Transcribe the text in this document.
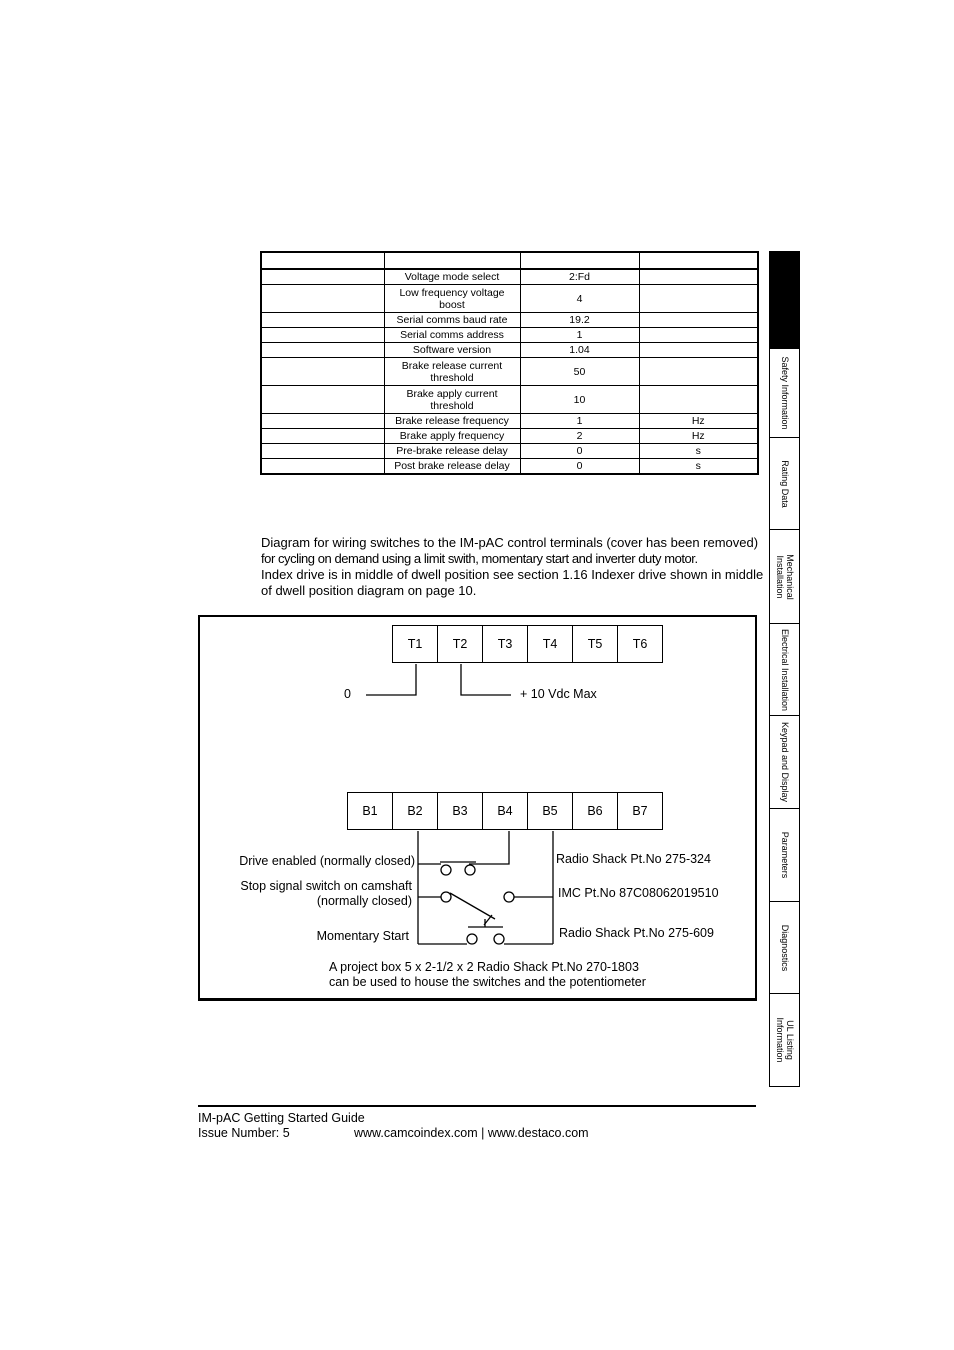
	Voltage mode select	2:Fd	
	Low frequency voltage boost	4	
	Serial comms baud rate	19.2	
	Serial comms address	1	
	Software version	1.04	
	Brake release current threshold	50	
	Brake apply current threshold	10	
	Brake release frequency	1	Hz
	Brake apply frequency	2	Hz
	Pre-brake release delay	0	s
	Post brake release delay	0	s
Diagram for wiring switches to the IM-pAC control terminals (cover has been removed)
for cycling on demand using a limit swith, momentary start and inverter duty motor.
Index drive is in middle of dwell position see section 1.16 Indexer drive shown in middle
of dwell position diagram on page 10.
T1	T2	T3	T4	T5	T6
B1	B2	B3	B4	B5	B6	B7
0	+ 10 Vdc Max
Drive enabled (normally closed)
Stop signal switch on camshaft
(normally closed)
Momentary Start
Radio Shack Pt.No 275-324
IMC Pt.No 87C08062019510
Radio Shack Pt.No 275-609
A project box 5 x 2-1/2 x 2 Radio Shack Pt.No 270-1803
can be used to house the switches and the potentiometer
Safety Information
Rating Data
Mechanical
Installation
Electrical Installation
Keypad and Display
Parameters
Diagnostics
UL Listing
Information
IM-pAC Getting Started Guide
Issue Number: 5	www.camcoindex.com | www.destaco.com
